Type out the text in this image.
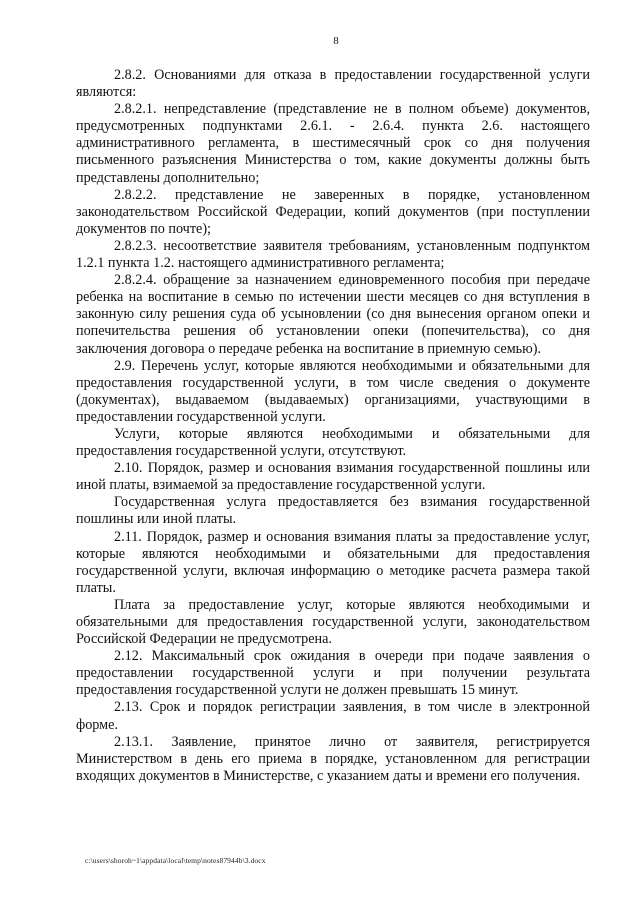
8

2.8.2. Основаниями для отказа в предоставлении государственной услуги являются:

2.8.2.1. непредставление (представление не в полном объеме) документов, предусмотренных подпунктами 2.6.1. - 2.6.4. пункта 2.6. настоящего административного регламента, в шестимесячный срок со дня получения письменного разъяснения Министерства о том, какие документы должны быть представлены дополнительно;

2.8.2.2. представление не заверенных в порядке, установленном законодательством Российской Федерации, копий документов (при поступлении документов по почте);

2.8.2.3. несоответствие заявителя требованиям, установленным подпунктом 1.2.1 пункта 1.2. настоящего административного регламента;

2.8.2.4. обращение за назначением единовременного пособия при передаче ребенка на воспитание в семью по истечении шести месяцев со дня вступления в законную силу решения суда об усыновлении (со дня вынесения органом опеки и попечительства решения об установлении опеки (попечительства), со дня заключения договора о передаче ребенка на воспитание в приемную семью).

2.9. Перечень услуг, которые являются необходимыми и обязательными для предоставления государственной услуги, в том числе сведения о документе (документах), выдаваемом (выдаваемых) организациями, участвующими в предоставлении государственной услуги.

Услуги, которые являются необходимыми и обязательными для предоставления государственной услуги, отсутствуют.

2.10. Порядок, размер и основания взимания государственной пошлины или иной платы, взимаемой за предоставление государственной услуги.

Государственная услуга предоставляется без взимания государственной пошлины или иной платы.

2.11. Порядок, размер и основания взимания платы за предоставление услуг, которые являются необходимыми и обязательными для предоставления государственной услуги, включая информацию о методике расчета размера такой платы.

Плата за предоставление услуг, которые являются необходимыми и обязательными для предоставления государственной услуги, законодательством Российской Федерации не предусмотрена.

2.12. Максимальный срок ожидания в очереди при подаче заявления о предоставлении государственной услуги и при получении результата предоставления государственной услуги не должен превышать 15 минут.

2.13. Срок и порядок регистрации заявления, в том числе в электронной форме.

2.13.1. Заявление, принятое лично от заявителя, регистрируется Министерством в день его приема в порядке, установленном для регистрации входящих документов в Министерстве, с указанием даты и времени его получения.

c:\users\shoroh~1\appdata\local\temp\notes87944b\3.docx
